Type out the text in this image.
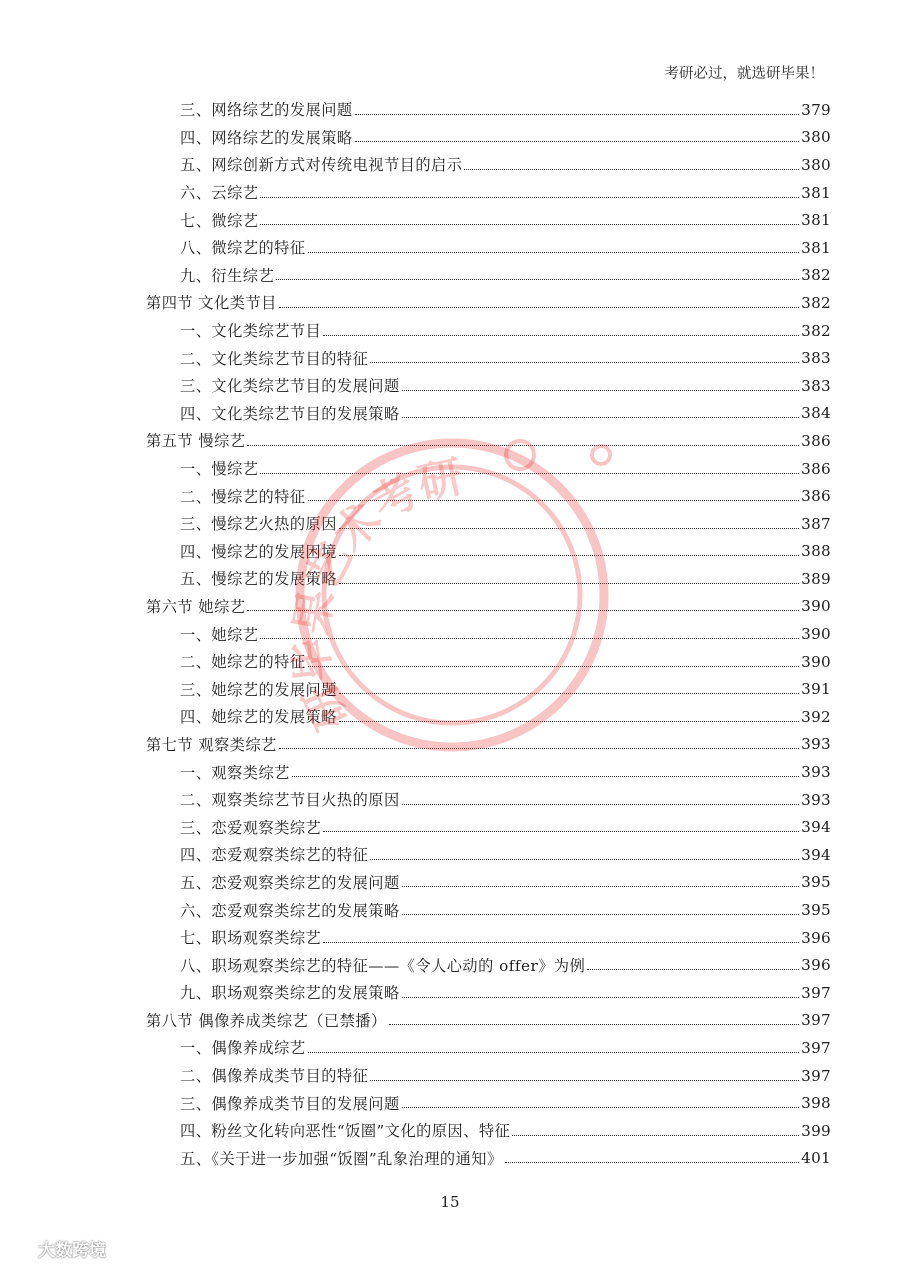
考研必过，就选研毕果！
三、网络综艺的发展问题	379
四、网络综艺的发展策略	380
五、网综创新方式对传统电视节目的启示	380
六、云综艺	381
七、微综艺	381
八、微综艺的特征	381
九、衍生综艺	382
第四节 文化类节目	382
一、文化类综艺节目	382
二、文化类综艺节目的特征	383
三、文化类综艺节目的发展问题	383
四、文化类综艺节目的发展策略	384
第五节 慢综艺	386
一、慢综艺	386
二、慢综艺的特征	386
三、慢综艺火热的原因	387
四、慢综艺的发展困境	388
五、慢综艺的发展策略	389
第六节 她综艺	390
一、她综艺	390
二、她综艺的特征	390
三、她综艺的发展问题	391
四、她综艺的发展策略	392
第七节 观察类综艺	393
一、观察类综艺	393
二、观察类综艺节目火热的原因	393
三、恋爱观察类综艺	394
四、恋爱观察类综艺的特征	394
五、恋爱观察类综艺的发展问题	395
六、恋爱观察类综艺的发展策略	395
七、职场观察类综艺	396
八、职场观察类综艺的特征——《令人心动的 offer》为例	396
九、职场观察类综艺的发展策略	397
第八节 偶像养成类综艺（已禁播）	397
一、偶像养成综艺	397
二、偶像养成类节目的特征	397
三、偶像养成类节目的发展问题	398
四、粉丝文化转向恶性“饭圈”文化的原因、特征	399
五、《关于进一步加强“饭圈”乱象治理的通知》	401
15
研毕果艺术考研
大数跨境
